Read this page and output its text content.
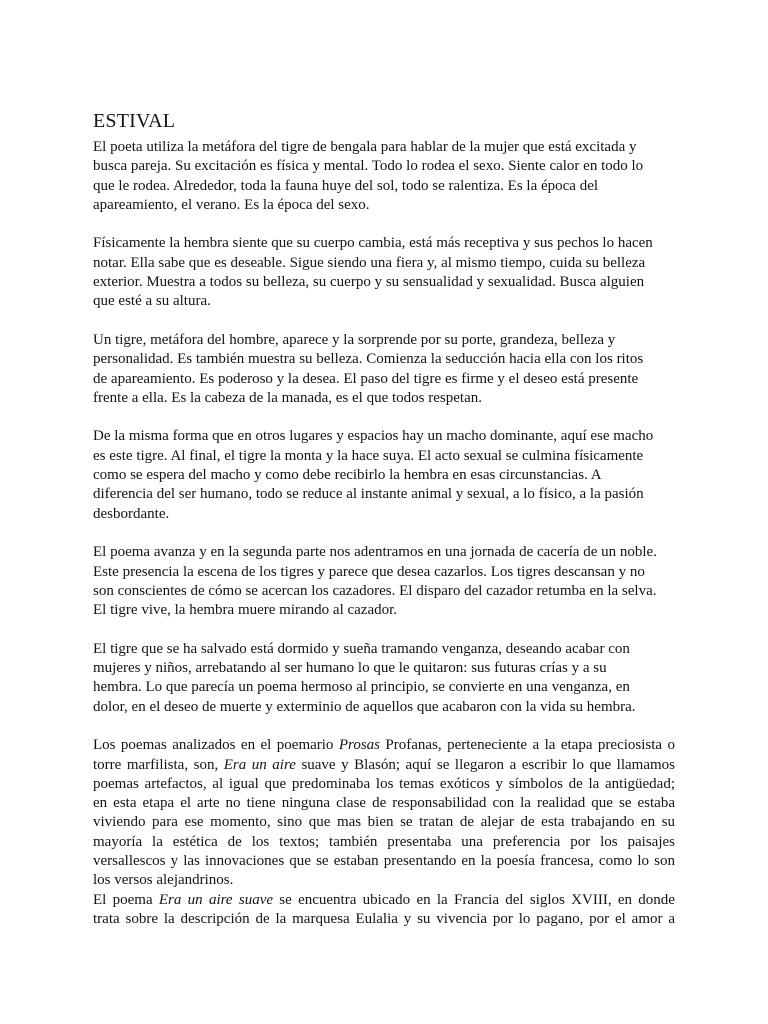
ESTIVAL

El poeta utiliza la metáfora del tigre de bengala para hablar de la mujer que está excitada y
busca pareja. Su excitación es física y mental. Todo lo rodea el sexo. Siente calor en todo lo
que le rodea. Alrededor, toda la fauna huye del sol, todo se ralentiza. Es la época del
apareamiento, el verano. Es la época del sexo.

Físicamente la hembra siente que su cuerpo cambia, está más receptiva y sus pechos lo hacen
notar. Ella sabe que es deseable. Sigue siendo una fiera y, al mismo tiempo, cuida su belleza
exterior. Muestra a todos su belleza, su cuerpo y su sensualidad y sexualidad. Busca alguien
que esté a su altura.

Un tigre, metáfora del hombre, aparece y la sorprende por su porte, grandeza, belleza y
personalidad. Es también muestra su belleza. Comienza la seducción hacia ella con los ritos
de apareamiento. Es poderoso y la desea. El paso del tigre es firme y el deseo está presente
frente a ella. Es la cabeza de la manada, es el que todos respetan.

De la misma forma que en otros lugares y espacios hay un macho dominante, aquí ese macho
es este tigre. Al final, el tigre la monta y la hace suya. El acto sexual se culmina físicamente
como se espera del macho y como debe recibirlo la hembra en esas circunstancias. A
diferencia del ser humano, todo se reduce al instante animal y sexual, a lo físico, a la pasión
desbordante.

El poema avanza y en la segunda parte nos adentramos en una jornada de cacería de un noble.
Este presencia la escena de los tigres y parece que desea cazarlos. Los tigres descansan y no
son conscientes de cómo se acercan los cazadores. El disparo del cazador retumba en la selva.
El tigre vive, la hembra muere mirando al cazador.

El tigre que se ha salvado está dormido y sueña tramando venganza, deseando acabar con
mujeres y niños, arrebatando al ser humano lo que le quitaron: sus futuras crías y a su
hembra. Lo que parecía un poema hermoso al principio, se convierte en una venganza, en
dolor, en el deseo de muerte y exterminio de aquellos que acabaron con la vida su hembra.

Los poemas analizados en el poemario Prosas Profanas, perteneciente a la etapa preciosista o
torre marfilista, son, Era un aire suave y Blasón; aquí se llegaron a escribir lo que llamamos
poemas artefactos, al igual que predominaba los temas exóticos y símbolos de la antigüedad;
en esta etapa el arte no tiene ninguna clase de responsabilidad con la realidad que se estaba
viviendo para ese momento, sino que mas bien se tratan de alejar de esta trabajando en su
mayoría la estética de los textos; también presentaba una preferencia por los paisajes
versallescos y las innovaciones que se estaban presentando en la poesía francesa, como lo son
los versos alejandrinos.

El poema Era un aire suave se encuentra ubicado en la Francia del siglos XVIII, en donde
trata sobre la descripción de la marquesa Eulalia y su vivencia por lo pagano, por el amor a
